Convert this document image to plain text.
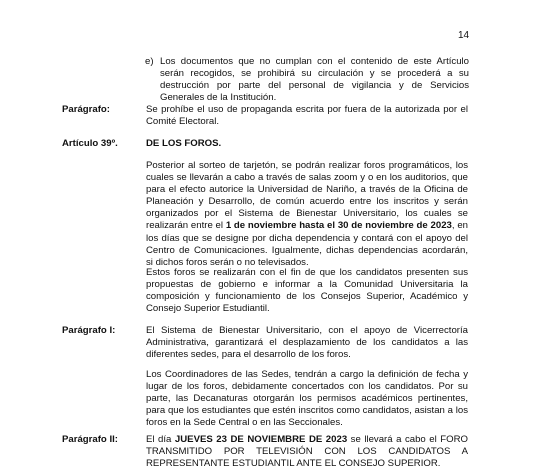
14
e) Los documentos que no cumplan con el contenido de este Artículo serán recogidos, se prohibirá su circulación y se procederá a su destrucción por parte del personal de vigilancia y de Servicios Generales de la Institución.
Parágrafo:	Se prohíbe el uso de propaganda escrita por fuera de la autorizada por el Comité Electoral.

Artículo 39º.	DE LOS FOROS.

Posterior al sorteo de tarjetón, se podrán realizar foros programáticos, los cuales se llevarán a cabo a través de salas zoom y o en los auditorios, que para el efecto autorice la Universidad de Nariño, a través de la Oficina de Planeación y Desarrollo, de común acuerdo entre los inscritos y serán organizados por el Sistema de Bienestar Universitario, los cuales se realizarán entre el 1 de noviembre hasta el 30 de noviembre de 2023, en los días que se designe por dicha dependencia y contará con el apoyo del Centro de Comunicaciones. Igualmente, dichas dependencias acordarán, si dichos foros serán o no televisados.

Estos foros se realizarán con el fin de que los candidatos presenten sus propuestas de gobierno e informar a la Comunidad Universitaria la composición y funcionamiento de los Consejos Superior, Académico y Consejo Superior Estudiantil.

Parágrafo I:	El Sistema de Bienestar Universitario, con el apoyo de Vicerrectoría Administrativa, garantizará el desplazamiento de los candidatos a las diferentes sedes, para el desarrollo de los foros.

Los Coordinadores de las Sedes, tendrán a cargo la definición de fecha y lugar de los foros, debidamente concertados con los candidatos. Por su parte, las Decanaturas otorgarán los permisos académicos pertinentes, para que los estudiantes que estén inscritos como candidatos, asistan a los foros en la Sede Central o en las Seccionales.

Parágrafo II:	El día JUEVES 23 DE NOVIEMBRE DE 2023 se llevará a cabo el FORO TRANSMITIDO POR TELEVISIÓN CON LOS CANDIDATOS A REPRESENTANTE ESTUDIANTIL ANTE EL CONSEJO SUPERIOR.
